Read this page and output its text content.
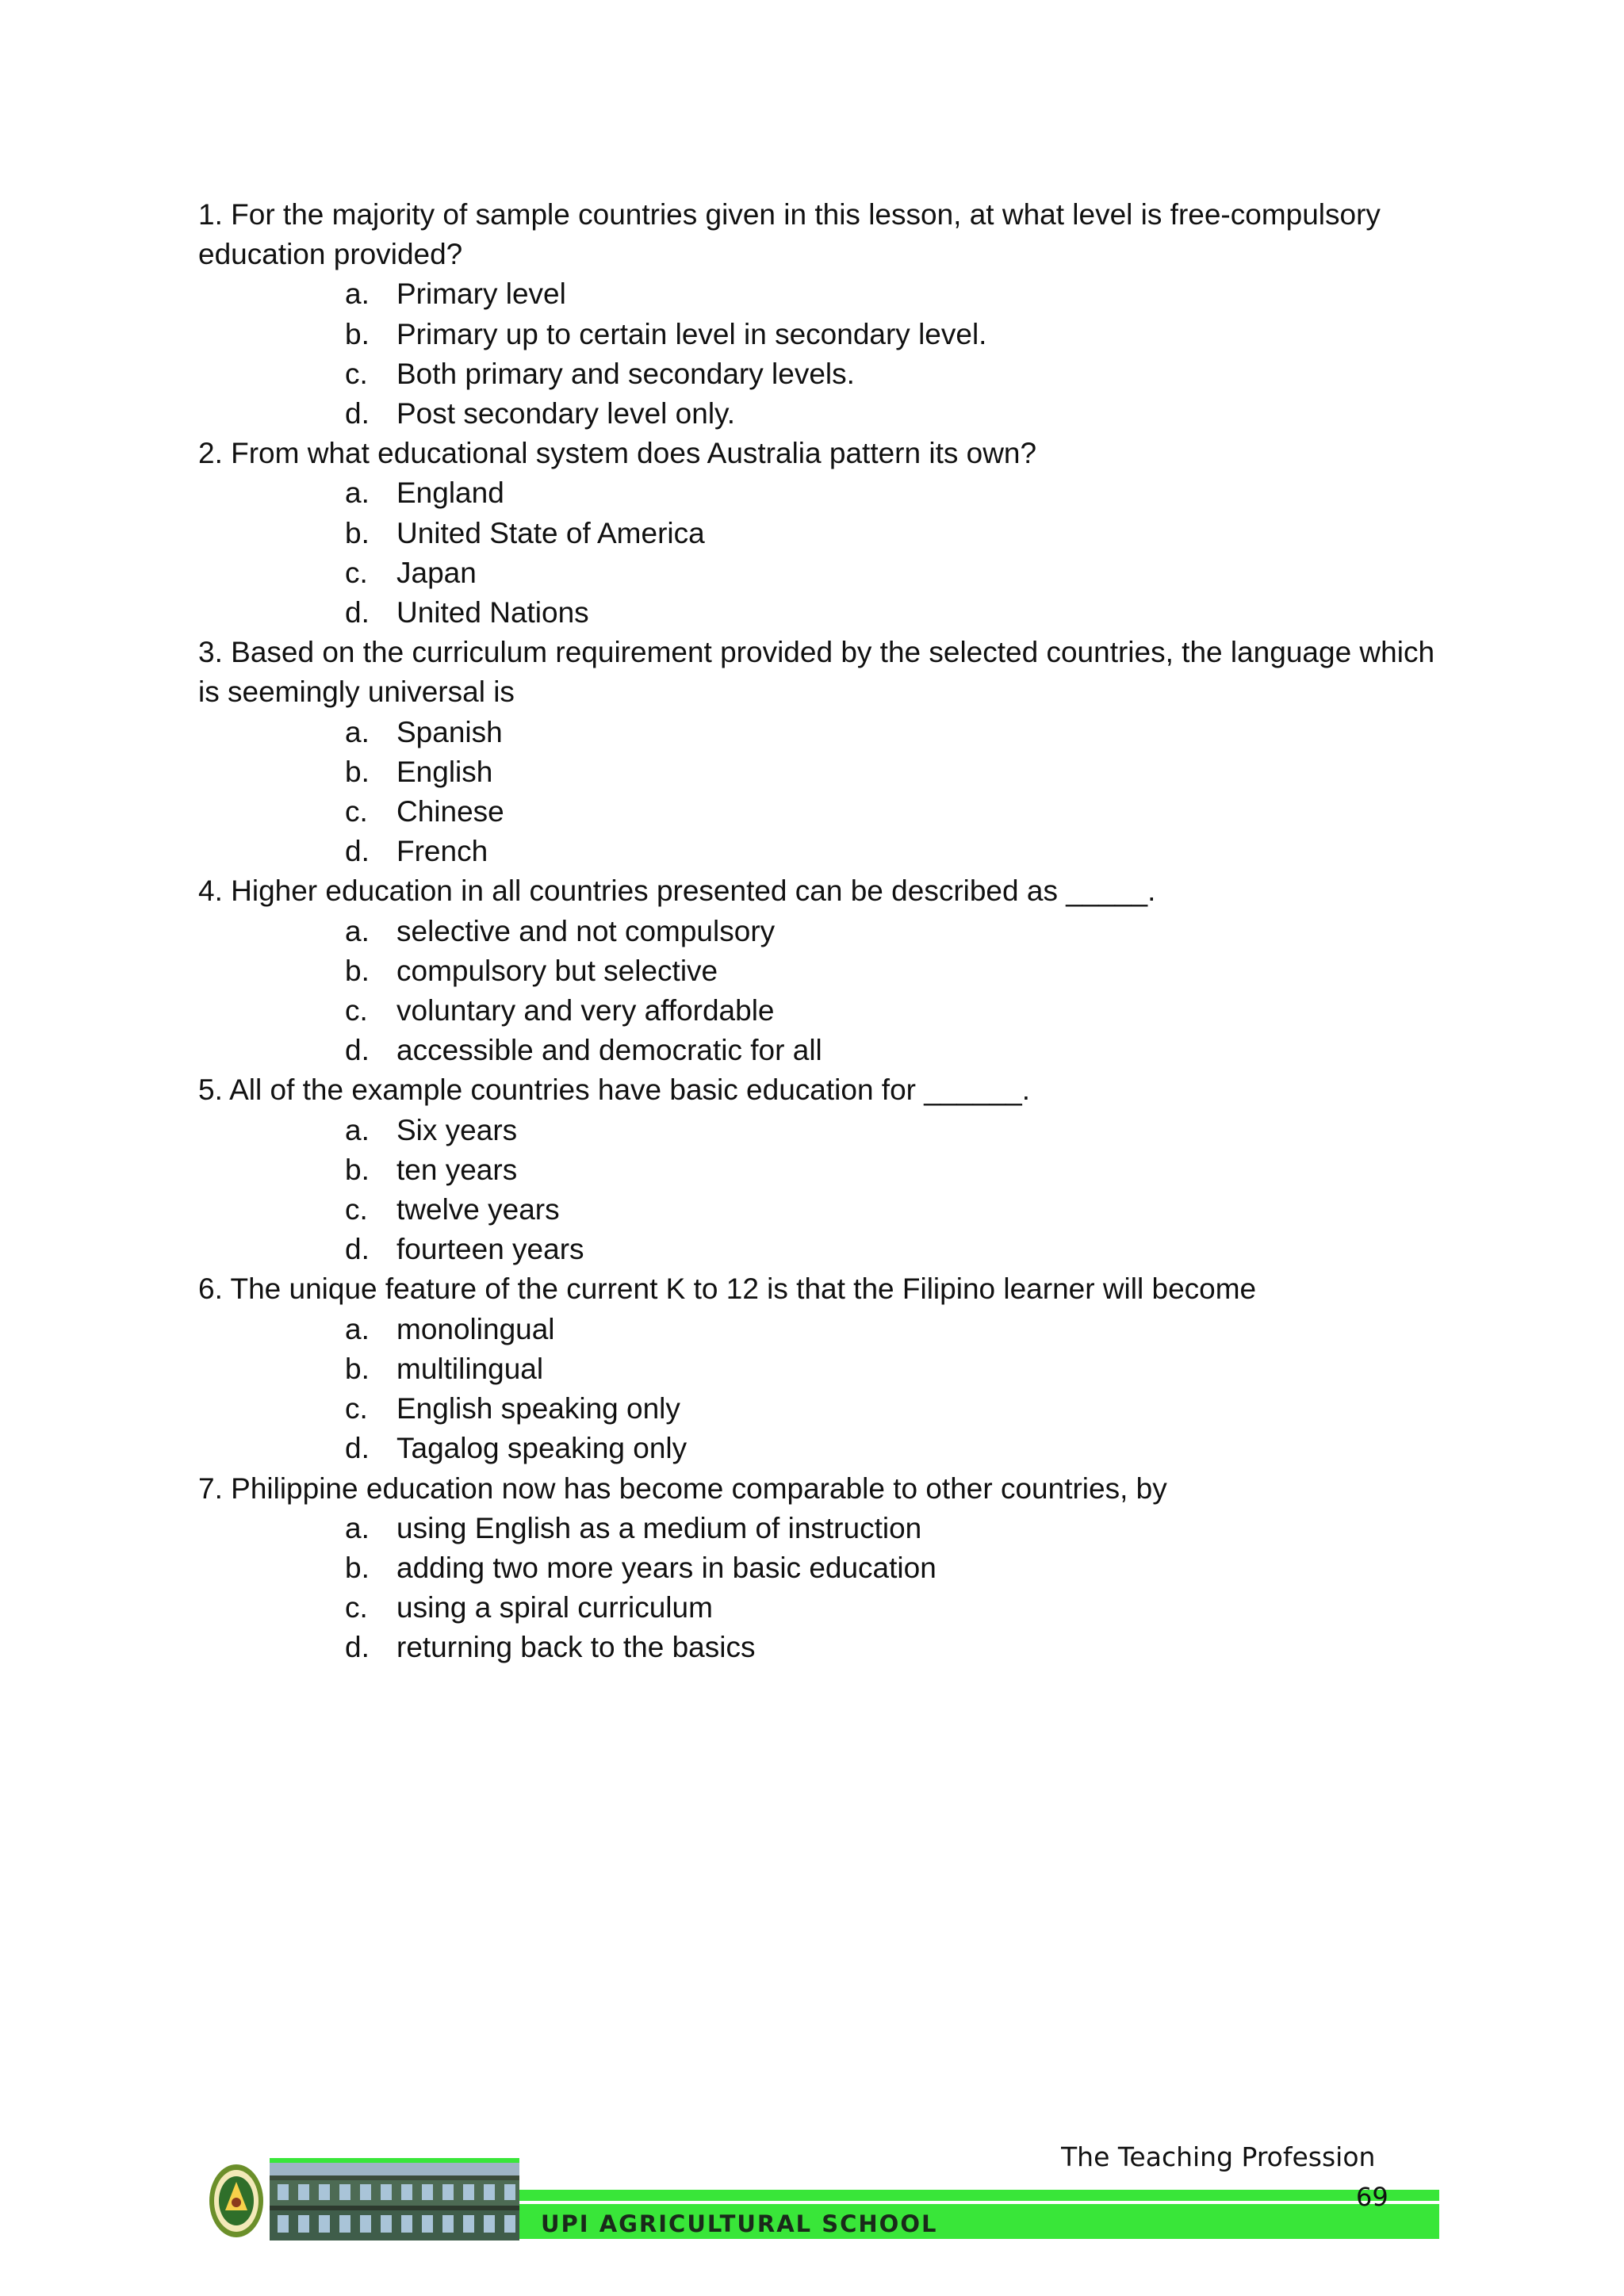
1. For the majority of sample countries given in this lesson, at what level is free-compulsory education provided?

a. Primary level
b. Primary up to certain level in secondary level.
c. Both primary and secondary levels.
d. Post secondary level only.

2. From what educational system does Australia pattern its own?

a. England
b. United State of America
c. Japan
d. United Nations

3. Based on the curriculum requirement provided by the selected countries, the language which is seemingly universal is

a. Spanish
b. English
c. Chinese
d. French

4. Higher education in all countries presented can be described as _____.

a. selective and not compulsory
b. compulsory but selective
c. voluntary and very affordable
d. accessible and democratic for all

5. All of the example countries have basic education for ______.

a. Six years
b. ten years
c. twelve years
d. fourteen years

6. The unique feature of the current K to 12 is that the Filipino learner will become

a. monolingual
b. multilingual
c. English speaking only
d. Tagalog speaking only

7. Philippine education now has become comparable to other countries, by

a. using English as a medium of instruction
b. adding two more years in basic education
c. using a spiral curriculum
d. returning back to the basics
The Teaching Profession
69
UPI AGRICULTURAL SCHOOL
